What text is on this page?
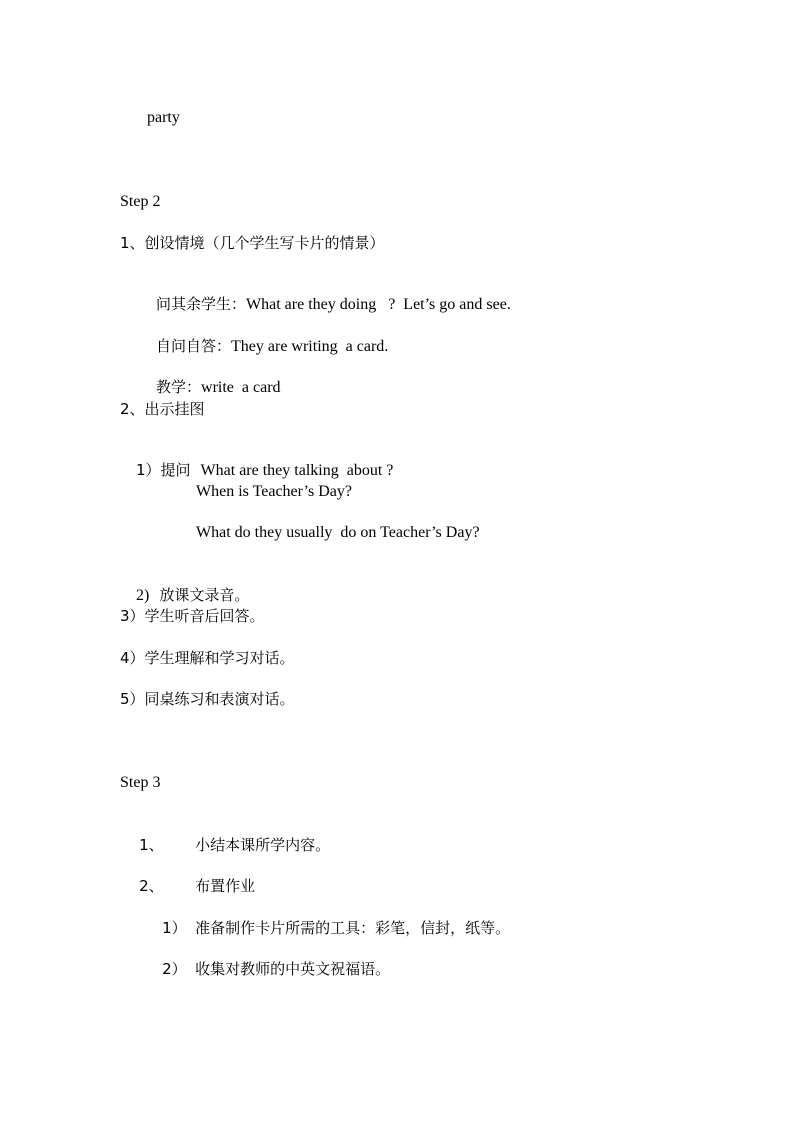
party
Step 2
1、创设情境（几个学生写卡片的情景）

问其余学生：What are they doing   ?  Let’s go and see.

自问自答：They are writing  a card.

教学：write  a card

2、出示挂图

1）提问 What are they talking  about ?

When is Teacher’s Day?
What do they usually  do on Teacher’s Day?

2) 放课文录音。

3）学生听音后回答。
4）学生理解和学习对话。
5）同桌练习和表演对话。
Step 3

1、 小结本课所学内容。

2、 布置作业

1） 准备制作卡片所需的工具：彩笔，信封，纸等。

2） 收集对教师的中英文祝福语。
